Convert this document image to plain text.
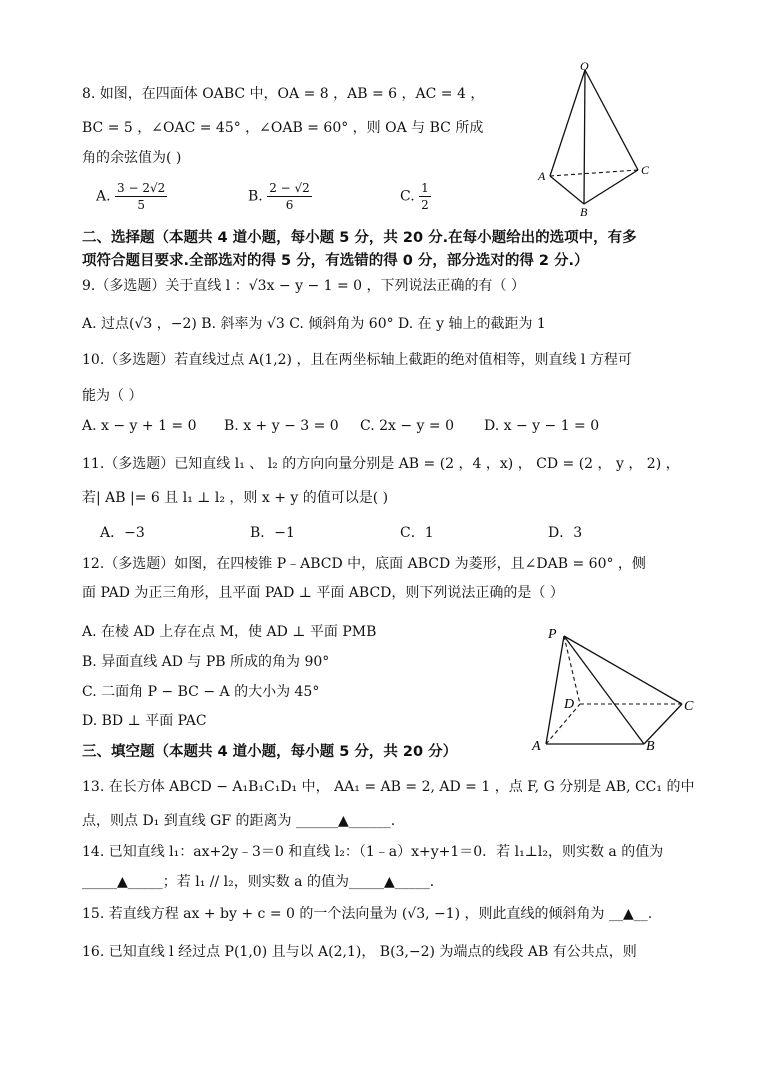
8. 如图，在四面体 OABC 中，OA = 8 ，AB = 6 ，AC = 4 ，
BC = 5 ，∠OAC = 45° ，∠OAB = 60° ，则 OA 与 BC 所成
角的余弦值为( )
A. $\frac{3 - 2√2}{5}$	B. $\frac{2 - √2}{6}$	C. $\frac{1}{2}$
O
A
B
C
二、选择题（本题共 4 道小题，每小题 5 分，共 20 分.在每小题给出的选项中，有多
项符合题目要求.全部选对的得 5 分，有选错的得 0 分，部分选对的得 2 分.）
9.（多选题）关于直线 l ：√3x − y − 1 = 0 ，下列说法正确的有（ ）
A. 过点(√3 ，−2) B. 斜率为 √3 C. 倾斜角为 60° D. 在 y 轴上的截距为 1
10.（多选题）若直线过点 A(1,2) ，且在两坐标轴上截距的绝对值相等，则直线 l 方程可
能为（ ）
A. x − y + 1 = 0 B. x + y − 3 = 0 C. 2x − y = 0 D. x − y − 1 = 0
11.（多选题）已知直线 l₁ 、 l₂ 的方向向量分别是 AB = (2 ，4 ，x) ， CD = (2 ， y ， 2) ，
若| AB |= 6 且 l₁ ⊥ l₂ ，则 x + y 的值可以是( )
A．−3	B．−1	C．1	D．3
12.（多选题）如图，在四棱锥 P﹣ABCD 中，底面 ABCD 为菱形，且∠DAB = 60° ，侧
面 PAD 为正三角形，且平面 PAD ⊥ 平面 ABCD，则下列说法正确的是（ ）
A. 在棱 AD 上存在点 M，使 AD ⊥ 平面 PMB
B. 异面直线 AD 与 PB 所成的角为 90°
C. 二面角 P − BC − A 的大小为 45°
D. BD ⊥ 平面 PAC
P
A	B
C
D
三、填空题（本题共 4 道小题，每小题 5 分，共 20 分）
13. 在长方体 ABCD − A₁B₁C₁D₁ 中， AA₁ = AB = 2, AD = 1 ，点 F, G 分别是 AB, CC₁ 的中
点，则点 D₁ 到直线 GF 的距离为 ______▲______.
14. 已知直线 l₁：ax+2y﹣3＝0 和直线 l₂：（1﹣a）x+y+1＝0．若 l₁⊥l₂，则实数 a 的值为
_____▲_____；若 l₁ // l₂，则实数 a 的值为_____▲_____．
15. 若直线方程 ax + by + c = 0 的一个法向量为 (√3, −1) ，则此直线的倾斜角为 __▲__.
16. 已知直线 l 经过点 P(1,0) 且与以 A(2,1)， B(3,−2) 为端点的线段 AB 有公共点，则
